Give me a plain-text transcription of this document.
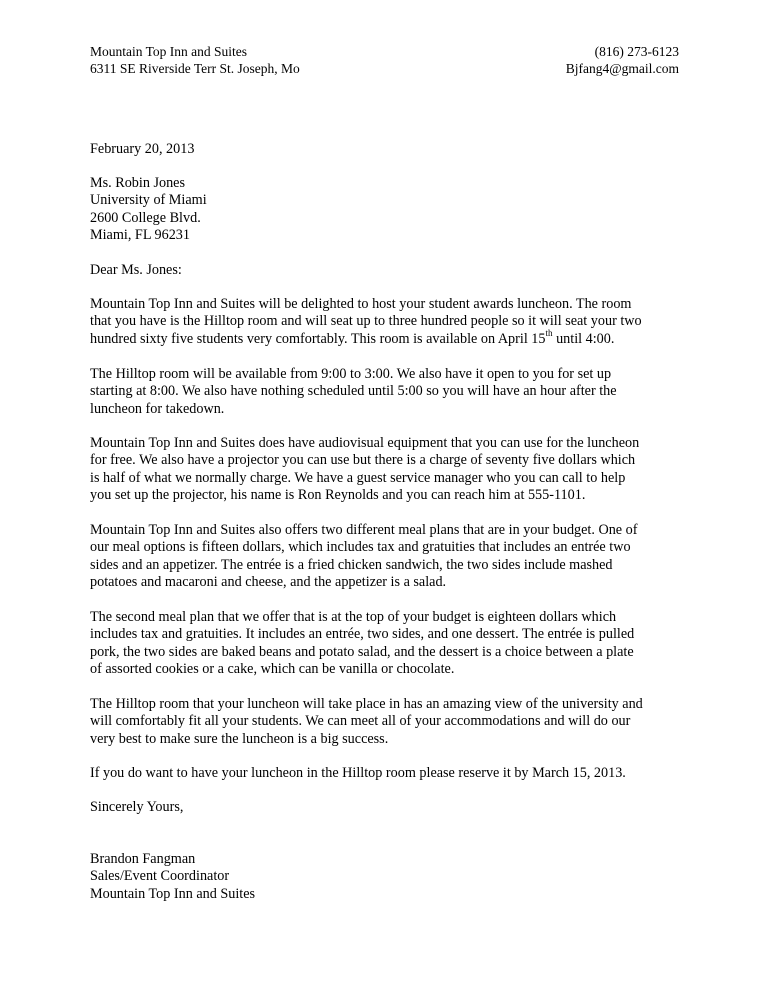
Mountain Top Inn and Suites
6311 SE Riverside Terr St. Joseph, Mo
(816) 273-6123
Bjfang4@gmail.com
February 20, 2013
Ms. Robin Jones
University of Miami
2600 College Blvd.
Miami, FL 96231
Dear Ms. Jones:
Mountain Top Inn and Suites will be delighted to host your student awards luncheon. The room
that you have is the Hilltop room and will seat up to three hundred people so it will seat your two
hundred sixty five students very comfortably. This room is available on April 15th until 4:00.
The Hilltop room will be available from 9:00 to 3:00. We also have it open to you for set up
starting at 8:00. We also have nothing scheduled until 5:00 so you will have an hour after the
luncheon for takedown.
Mountain Top Inn and Suites does have audiovisual equipment that you can use for the luncheon
for free. We also have a projector you can use but there is a charge of seventy five dollars which
is half of what we normally charge. We have a guest service manager who you can call to help
you set up the projector, his name is Ron Reynolds and you can reach him at 555-1101.
Mountain Top Inn and Suites also offers two different meal plans that are in your budget. One of
our meal options is fifteen dollars, which includes tax and gratuities that includes an entrée two
sides and an appetizer. The entrée is a fried chicken sandwich, the two sides include mashed
potatoes and macaroni and cheese, and the appetizer is a salad.
The second meal plan that we offer that is at the top of your budget is eighteen dollars which
includes tax and gratuities. It includes an entrée, two sides, and one dessert. The entrée is pulled
pork, the two sides are baked beans and potato salad, and the dessert is a choice between a plate
of assorted cookies or a cake, which can be vanilla or chocolate.
The Hilltop room that your luncheon will take place in has an amazing view of the university and
will comfortably fit all your students. We can meet all of your accommodations and will do our
very best to make sure the luncheon is a big success.
If you do want to have your luncheon in the Hilltop room please reserve it by March 15, 2013.
Sincerely Yours,
Brandon Fangman
Sales/Event Coordinator
Mountain Top Inn and Suites
